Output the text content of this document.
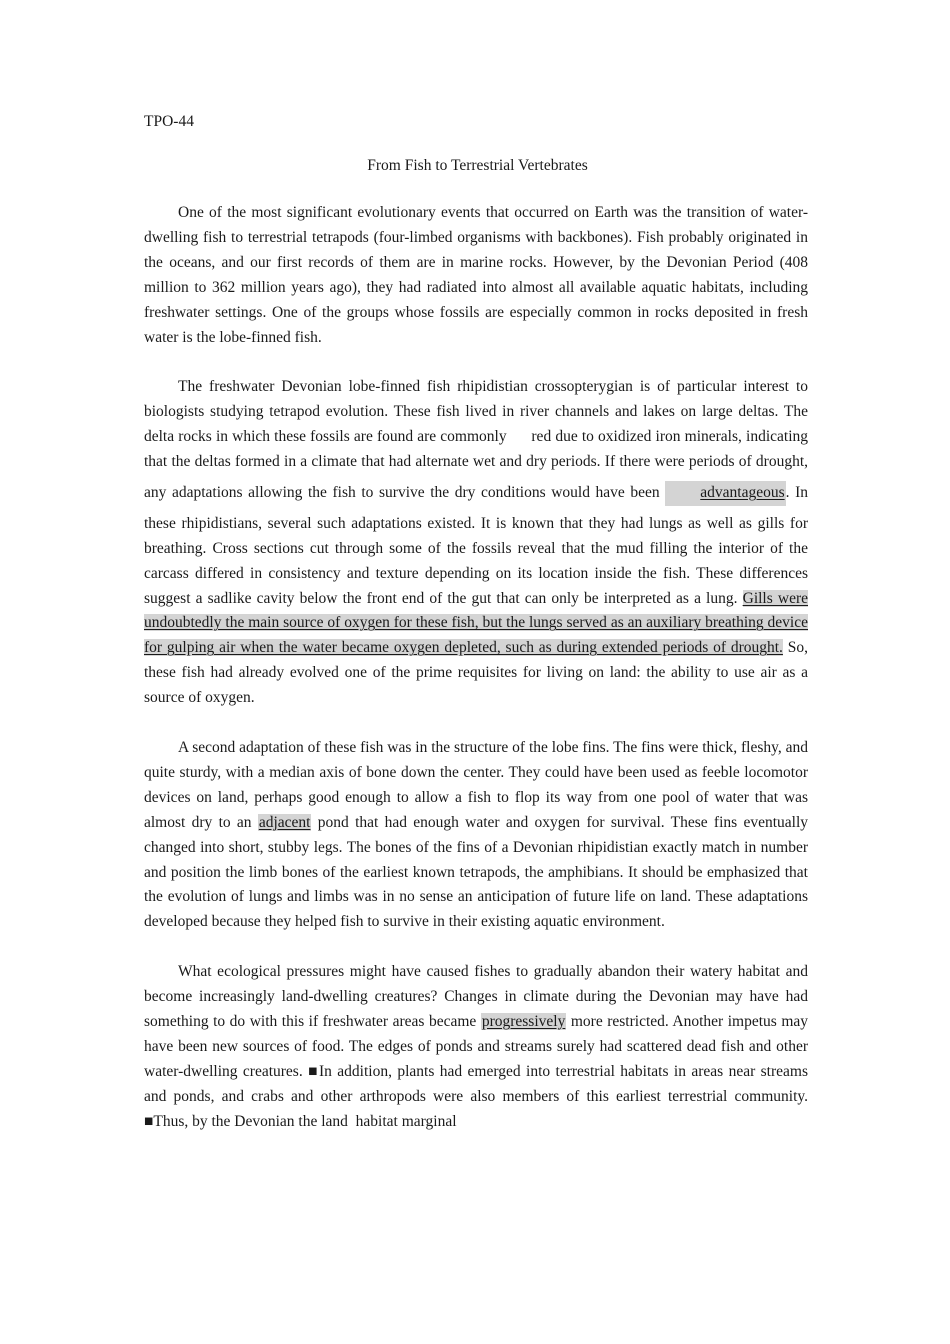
TPO-44

From Fish to Terrestrial Vertebrates

One of the most significant evolutionary events that occurred on Earth was the transition of water-dwelling fish to terrestrial tetrapods (four-limbed organisms with backbones). Fish probably originated in the oceans, and our first records of them are in marine rocks. However, by the Devonian Period (408 million to 362 million years ago), they had radiated into almost all available aquatic habitats, including freshwater settings. One of the groups whose fossils are especially common in rocks deposited in fresh water is the lobe-finned fish.

The freshwater Devonian lobe-finned fish rhipidistian crossopterygian is of particular interest to biologists studying tetrapod evolution. These fish lived in river channels and lakes on large deltas. The delta rocks in which these fossils are found are commonly      red due to oxidized iron minerals, indicating that the deltas formed in a climate that had alternate wet and dry periods. If there were periods of drought, any adaptations allowing the fish to survive the dry conditions would have been	advantageous. In these rhipidistians, several such adaptations existed. It is known that they had lungs as well as gills for breathing. Cross sections cut through some of the fossils reveal that the mud filling the interior of the carcass differed in consistency and texture depending on its location inside the fish. These differences suggest a sadlike cavity below the front end of the gut that can only be interpreted as a lung. Gills were undoubtedly the main source of oxygen for these fish, but the lungs served as an auxiliary breathing device for gulping air when the water became oxygen depleted, such as during extended periods of drought. So, these fish had already evolved one of the prime requisites for living on land: the ability to use air as a source of oxygen.

A second adaptation of these fish was in the structure of the lobe fins. The fins were thick, fleshy, and quite sturdy, with a median axis of bone down the center. They could have been used as feeble locomotor devices on land, perhaps good enough to allow a fish to flop its way from one pool of water that was almost dry to an adjacent pond that had enough water and oxygen for survival. These fins eventually changed into short, stubby legs. The bones of the fins of a Devonian rhipidistian exactly match in number and position the limb bones of the earliest known tetrapods, the amphibians. It should be emphasized that the evolution of lungs and limbs was in no sense an anticipation of future life on land. These adaptations developed because they helped fish to survive in their existing aquatic environment.

What ecological pressures might have caused fishes to gradually abandon their watery habitat and become increasingly land-dwelling creatures? Changes in climate during the Devonian may have had something to do with this if freshwater areas became progressively more restricted. Another impetus may have been new sources of food. The edges of ponds and streams surely had scattered dead fish and other water-dwelling creatures. ■In addition, plants had emerged into terrestrial habitats in areas near streams and ponds, and crabs and other arthropods were also members of this earliest terrestrial community. ■Thus, by the Devonian the land  habitat marginal
